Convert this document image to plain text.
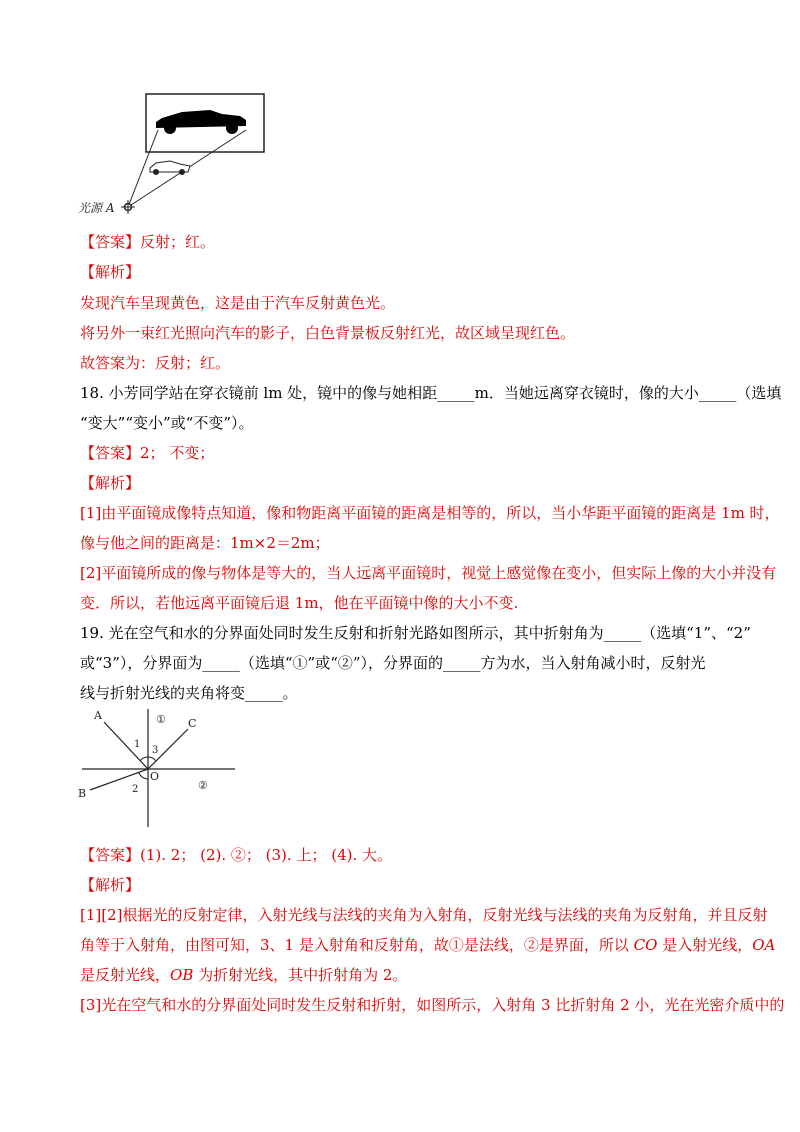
光源 A
【答案】反射；红。
【解析】
发现汽车呈现黄色，这是由于汽车反射黄色光。
将另外一束红光照向汽车的影子，白色背景板反射红光，故区域呈现红色。
故答案为：反射；红。
18. 小芳同学站在穿衣镜前 lm 处，镜中的像与她相距_____m．当她远离穿衣镜时，像的大小_____（选填
“变大”“变小”或“不变”）。
【答案】2； 不变；
【解析】
[1]由平面镜成像特点知道，像和物距离平面镜的距离是相等的，所以，当小华距平面镜的距离是 1m 时，
像与他之间的距离是：1m×2＝2m；
[2]平面镜所成的像与物体是等大的，当人远离平面镜时，视觉上感觉像在变小，但实际上像的大小并没有
变．所以，若他远离平面镜后退 1m，他在平面镜中像的大小不变.
19. 光在空气和水的分界面处同时发生反射和折射光路如图所示，其中折射角为_____（选填“1”、“2”
或“3”），分界面为_____（选填“①”或“②”），分界面的_____方为水，当入射角减小时，反射光
线与折射光线的夹角将变_____。
A
C
B
O
1
3
2
①
②
【答案】(1). 2； (2). ②； (3). 上； (4). 大。
【解析】
[1][2]根据光的反射定律，入射光线与法线的夹角为入射角，反射光线与法线的夹角为反射角，并且反射
角等于入射角，由图可知，3、1 是入射角和反射角，故①是法线，②是界面，所以 CO 是入射光线，OA
是反射光线，OB 为折射光线，其中折射角为 2。
[3]光在空气和水的分界面处同时发生反射和折射，如图所示，入射角 3 比折射角 2 小，光在光密介质中的
